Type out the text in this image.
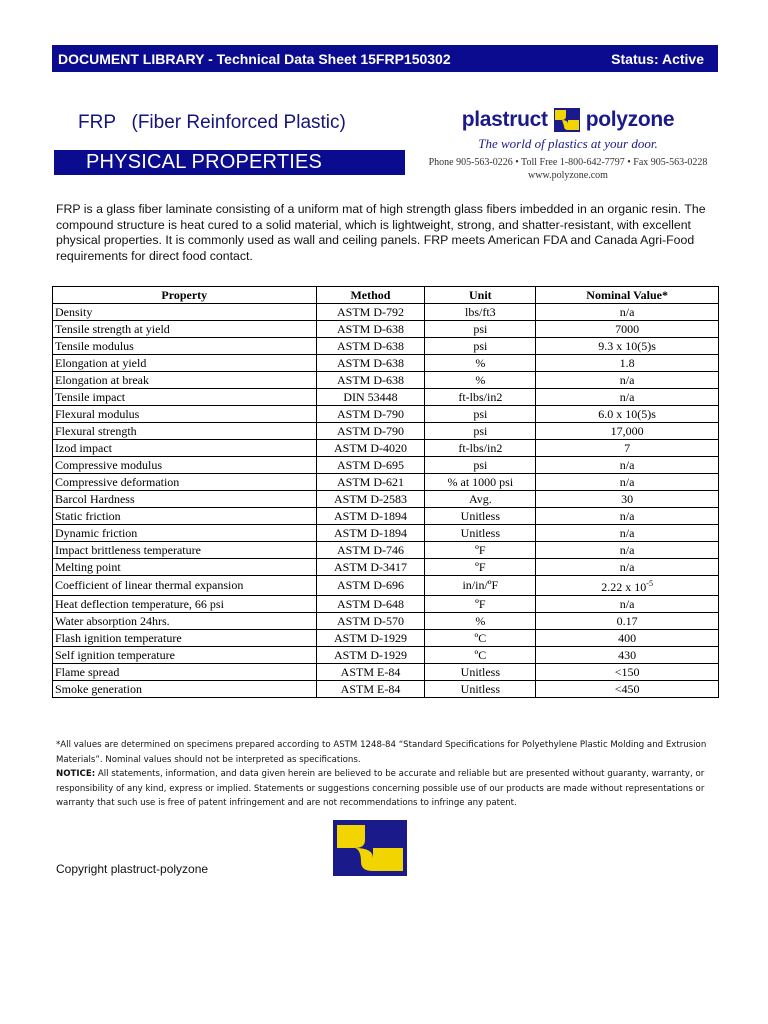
DOCUMENT LIBRARY - Technical Data Sheet 15FRP150302	Status: Active
FRP   (Fiber Reinforced Plastic)
PHYSICAL PROPERTIES
plastruct polyzone
The world of plastics at your door.
Phone 905-563-0226 • Toll Free 1-800-642-7797 • Fax 905-563-0228
www.polyzone.com
FRP is a glass fiber laminate consisting of a uniform mat of high strength glass fibers imbedded in an organic resin. The compound structure is heat cured to a solid material, which is lightweight, strong, and shatter-resistant, with excellent physical properties. It is commonly used as wall and ceiling panels. FRP meets American FDA and Canada Agri-Food requirements for direct food contact.
Property	Method	Unit	Nominal Value*
Density	ASTM D-792	lbs/ft3	n/a
Tensile strength at yield	ASTM D-638	psi	7000
Tensile modulus	ASTM D-638	psi	9.3 x 10(5)s
Elongation at yield	ASTM D-638	%	1.8
Elongation at break	ASTM D-638	%	n/a
Tensile impact	DIN 53448	ft-lbs/in2	n/a
Flexural modulus	ASTM D-790	psi	6.0 x 10(5)s
Flexural strength	ASTM D-790	psi	17,000
Izod impact	ASTM D-4020	ft-lbs/in2	7
Compressive modulus	ASTM D-695	psi	n/a
Compressive deformation	ASTM D-621	% at 1000 psi	n/a
Barcol Hardness	ASTM D-2583	Avg.	30
Static friction	ASTM D-1894	Unitless	n/a
Dynamic friction	ASTM D-1894	Unitless	n/a
Impact brittleness temperature	ASTM D-746	ºF	n/a
Melting point	ASTM D-3417	ºF	n/a
Coefficient of linear thermal expansion	ASTM D-696	in/in/ºF	2.22 x $10^{-5}$
Heat deflection temperature, 66 psi	ASTM D-648	ºF	n/a
Water absorption 24hrs.	ASTM D-570	%	0.17
Flash ignition temperature	ASTM D-1929	ºC	400
Self ignition temperature	ASTM D-1929	ºC	430
Flame spread	ASTM E-84	Unitless	<150
Smoke generation	ASTM E-84	Unitless	<450
*All values are determined on specimens prepared according to ASTM 1248-84 “Standard Specifications for Polyethylene Plastic Molding and Extrusion Materials”. Nominal values should not be interpreted as specifications.
NOTICE: All statements, information, and data given herein are believed to be accurate and reliable but are presented without guaranty, warranty, or responsibility of any kind, express or implied. Statements or suggestions concerning possible use of our products are made without representations or warranty that such use is free of patent infringement and are not recommendations to infringe any patent.
Copyright plastruct-polyzone
